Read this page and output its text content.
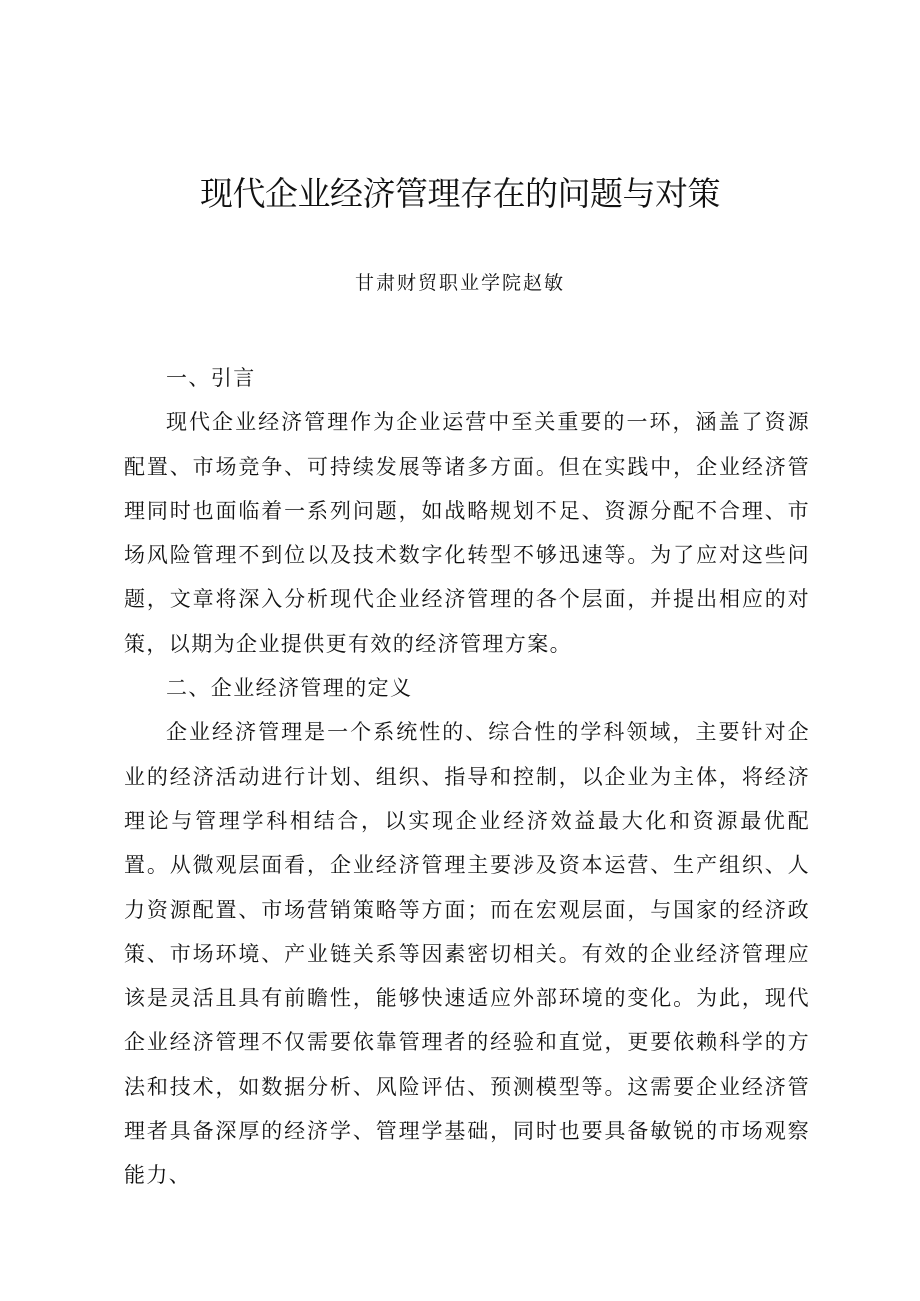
现代企业经济管理存在的问题与对策
甘肃财贸职业学院赵敏
一、引言

现代企业经济管理作为企业运营中至关重要的一环，涵盖了资源配置、市场竞争、可持续发展等诸多方面。但在实践中，企业经济管理同时也面临着一系列问题，如战略规划不足、资源分配不合理、市场风险管理不到位以及技术数字化转型不够迅速等。为了应对这些问题，文章将深入分析现代企业经济管理的各个层面，并提出相应的对策，以期为企业提供更有效的经济管理方案。

二、企业经济管理的定义

企业经济管理是一个系统性的、综合性的学科领域，主要针对企业的经济活动进行计划、组织、指导和控制，以企业为主体，将经济理论与管理学科相结合，以实现企业经济效益最大化和资源最优配置。从微观层面看，企业经济管理主要涉及资本运营、生产组织、人力资源配置、市场营销策略等方面；而在宏观层面，与国家的经济政策、市场环境、产业链关系等因素密切相关。有效的企业经济管理应该是灵活且具有前瞻性，能够快速适应外部环境的变化。为此，现代企业经济管理不仅需要依靠管理者的经验和直觉，更要依赖科学的方法和技术，如数据分析、风险评估、预测模型等。这需要企业经济管理者具备深厚的经济学、管理学基础，同时也要具备敏锐的市场观察能力、
